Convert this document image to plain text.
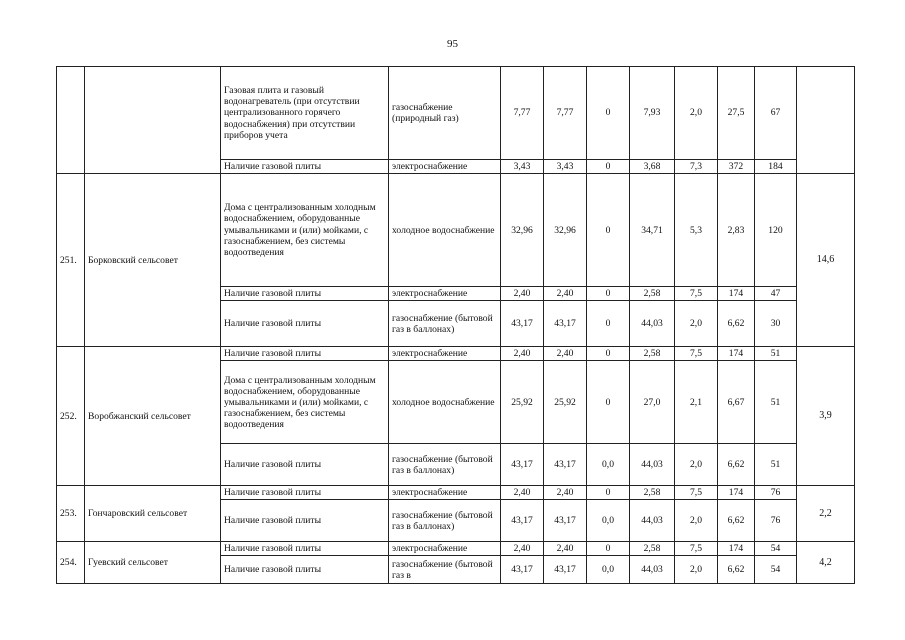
95
		Газовая плита и газовый водонагреватель (при отсутствии централизованного горячего водоснабжения) при отсутствии приборов учета	газоснабжение (природный газ)	7,77	7,77	0	7,93	2,0	27,5	67	
		Наличие газовой плиты	электроснабжение	3,43	3,43	0	3,68	7,3	372	184	
251.	Борковский сельсовет	Дома с централизованным холодным водоснабжением, оборудованные умывальниками и (или) мойками, с газоснабжением, без системы водоотведения	холодное водоснабжение	32,96	32,96	0	34,71	5,3	2,83	120	14,6
		Наличие газовой плиты	электроснабжение	2,40	2,40	0	2,58	7,5	174	47	
		Наличие газовой плиты	газоснабжение (бытовой газ в баллонах)	43,17	43,17	0	44,03	2,0	6,62	30	
252.	Воробжанский сельсовет	Наличие газовой плиты	электроснабжение	2,40	2,40	0	2,58	7,5	174	51	3,9
		Дома с централизованным холодным водоснабжением, оборудованные умывальниками и (или) мойками, с газоснабжением, без системы водоотведения	холодное водоснабжение	25,92	25,92	0	27,0	2,1	6,67	51	
		Наличие газовой плиты	газоснабжение (бытовой газ в баллонах)	43,17	43,17	0,0	44,03	2,0	6,62	51	
253.	Гончаровский сельсовет	Наличие газовой плиты	электроснабжение	2,40	2,40	0	2,58	7,5	174	76	2,2
		Наличие газовой плиты	газоснабжение (бытовой газ в баллонах)	43,17	43,17	0,0	44,03	2,0	6,62	76	
254.	Гуевский сельсовет	Наличие газовой плиты	электроснабжение	2,40	2,40	0	2,58	7,5	174	54	4,2
		Наличие газовой плиты	газоснабжение (бытовой газ в	43,17	43,17	0,0	44,03	2,0	6,62	54	
